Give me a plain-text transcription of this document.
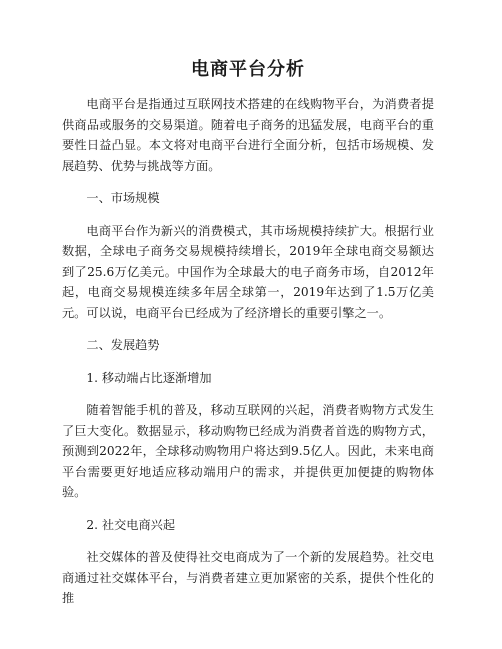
电商平台分析

电商平台是指通过互联网技术搭建的在线购物平台，为消费者提供商品或服务的交易渠道。随着电子商务的迅猛发展，电商平台的重要性日益凸显。本文将对电商平台进行全面分析，包括市场规模、发展趋势、优势与挑战等方面。

一、市场规模

电商平台作为新兴的消费模式，其市场规模持续扩大。根据行业数据，全球电子商务交易规模持续增长，2019年全球电商交易额达到了25.6万亿美元。中国作为全球最大的电子商务市场，自2012年起，电商交易规模连续多年居全球第一，2019年达到了1.5万亿美元。可以说，电商平台已经成为了经济增长的重要引擎之一。

二、发展趋势

1. 移动端占比逐渐增加

随着智能手机的普及，移动互联网的兴起，消费者购物方式发生了巨大变化。数据显示，移动购物已经成为消费者首选的购物方式，预测到2022年，全球移动购物用户将达到9.5亿人。因此，未来电商平台需要更好地适应移动端用户的需求，并提供更加便捷的购物体验。

2. 社交电商兴起

社交媒体的普及使得社交电商成为了一个新的发展趋势。社交电商通过社交媒体平台，与消费者建立更加紧密的关系，提供个性化的推
